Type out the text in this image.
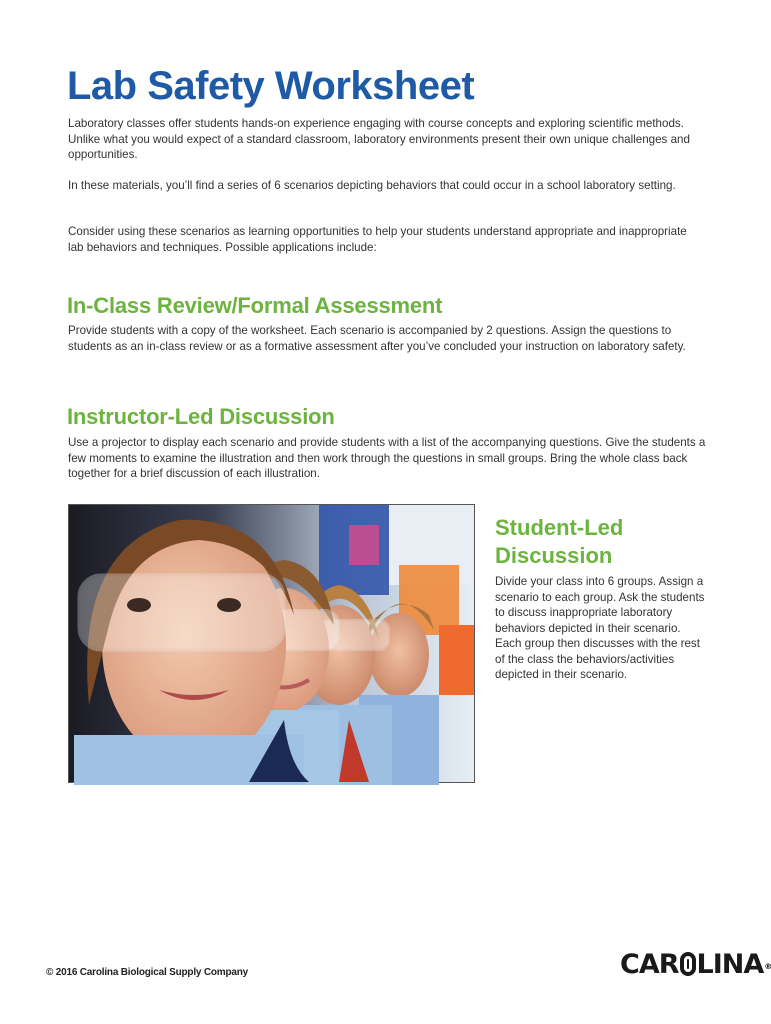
Lab Safety Worksheet

Laboratory classes offer students hands-on experience engaging with course concepts and exploring scientific methods. Unlike what you would expect of a standard classroom, laboratory environments present their own unique challenges and opportunities.

In these materials, you’ll find a series of 6 scenarios depicting behaviors that could occur in a school laboratory setting.

Consider using these scenarios as learning opportunities to help your students understand appropriate and inappropriate lab behaviors and techniques. Possible applications include:

In-Class Review/Formal Assessment

Provide students with a copy of the worksheet. Each scenario is accompanied by 2 questions. Assign the questions to students as an in-class review or as a formative assessment after you’ve concluded your instruction on laboratory safety.

Instructor-Led Discussion

Use a projector to display each scenario and provide students with a list of the accompanying questions. Give the students a few moments to examine the illustration and then work through the questions in small groups. Bring the whole class back together for a brief discussion of each illustration.

Student-Led Discussion

Divide your class into 6 groups. Assign a scenario to each group. Ask the students to discuss inappropriate laboratory behaviors depicted in their scenario. Each group then discusses with the rest of the class the behaviors/activities depicted in their scenario.

© 2016 Carolina Biological Supply Company	CAR LINA®
